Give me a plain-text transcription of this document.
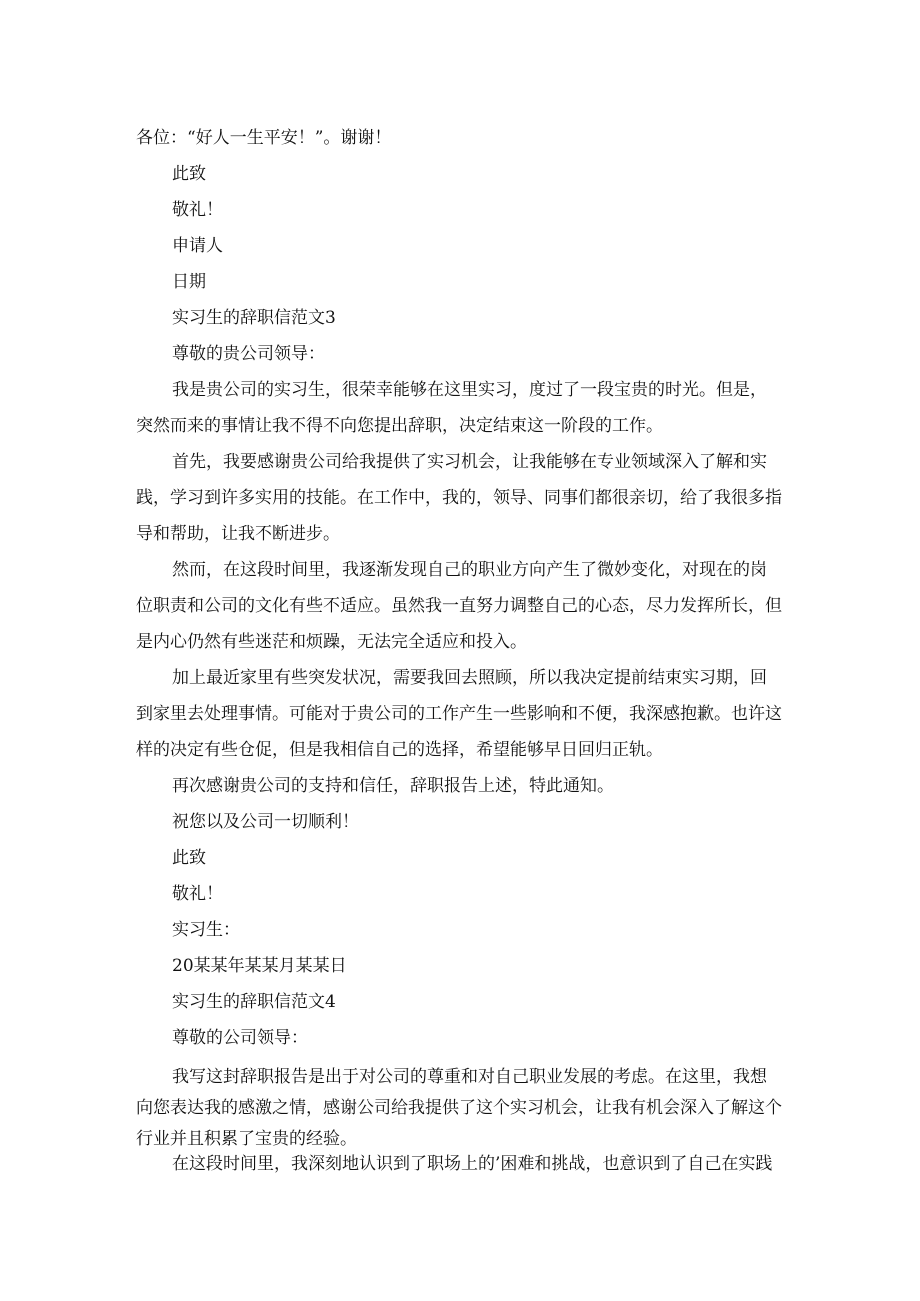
各位：“好人一生平安！”。谢谢！

此致

敬礼！

申请人

日期

实习生的辞职信范文3

尊敬的贵公司领导：

我是贵公司的实习生，很荣幸能够在这里实习，度过了一段宝贵的时光。但是，突然而来的事情让我不得不向您提出辞职，决定结束这一阶段的工作。

首先，我要感谢贵公司给我提供了实习机会，让我能够在专业领域深入了解和实践，学习到许多实用的技能。在工作中，我的，领导、同事们都很亲切，给了我很多指导和帮助，让我不断进步。

然而，在这段时间里，我逐渐发现自己的职业方向产生了微妙变化，对现在的岗位职责和公司的文化有些不适应。虽然我一直努力调整自己的心态，尽力发挥所长，但是内心仍然有些迷茫和烦躁，无法完全适应和投入。

加上最近家里有些突发状况，需要我回去照顾，所以我决定提前结束实习期，回到家里去处理事情。可能对于贵公司的工作产生一些影响和不便，我深感抱歉。也许这样的决定有些仓促，但是我相信自己的选择，希望能够早日回归正轨。

再次感谢贵公司的支持和信任，辞职报告上述，特此通知。

祝您以及公司一切顺利！

此致

敬礼！

实习生：

20某某年某某月某某日

实习生的辞职信范文4

尊敬的公司领导：

我写这封辞职报告是出于对公司的尊重和对自己职业发展的考虑。在这里，我想向您表达我的感激之情，感谢公司给我提供了这个实习机会，让我有机会深入了解这个行业并且积累了宝贵的经验。

在这段时间里，我深刻地认识到了职场上的’困难和挑战，也意识到了自己在实践
